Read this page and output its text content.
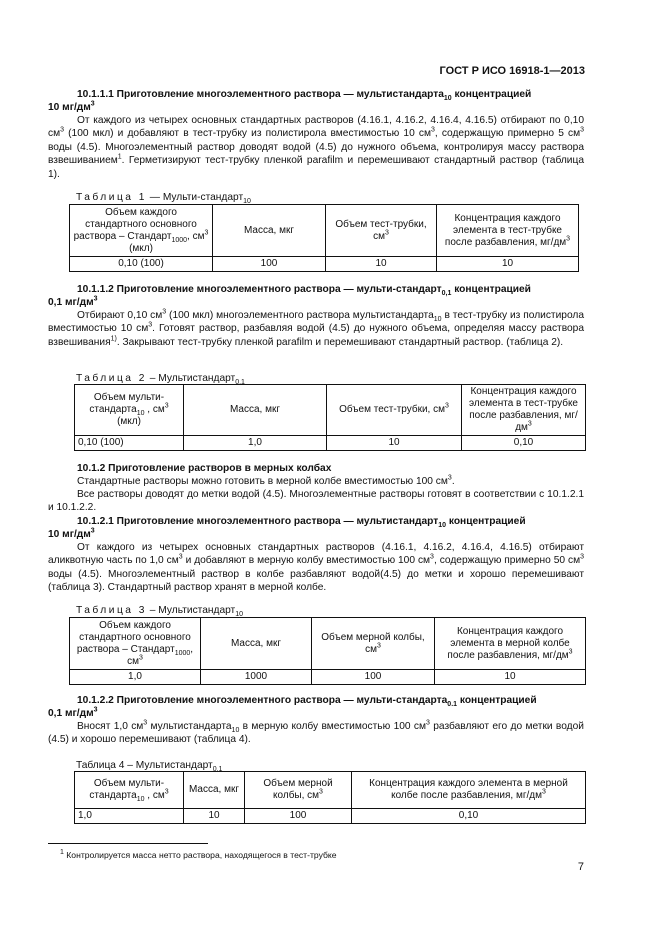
ГОСТ Р ИСО 16918-1—2013
10.1.1.1 Приготовление многоэлементного раствора — мультистандарта$_{10}$ концентрацией
10 $мг/дм^3$
От каждого из четырех основных стандартных растворов (4.16.1, 4.16.2, 4.16.4, 4.16.5) отбирают по 0,10 $см^3$ (100 мкл) и добавляют в тест-трубку из полистирола вместимостью 10 $см^3$, содержащую примерно 5 $см^3$ воды (4.5). Многоэлементный раствор доводят водой (4.5) до нужного объема, контролируя массу раствора взвешиванием$^1$. Герметизируют тест-трубку пленкой parafilm и перемешивают стандартный раствор (таблица 1).
Таблица 1 — Мульти-стандарт$_{10}$
Объем каждого стандартного основного раствора – Стандарт$_{1000}$, $см^3$ (мкл)	Масса, мкг	Объем тест-трубки, $см^3$	Концентрация каждого элемента в тест-трубке после разбавления, $мг/дм^3$
0,10 (100)	100	10	10
10.1.1.2 Приготовление многоэлементного раствора — мульти-стандарт$_{0,1}$ концентрацией
0,1 $мг/дм^3$
Отбирают 0,10 $см^3$ (100 мкл) многоэлементного раствора мультистандарта$_{10}$ в тест-трубку из полистирола вместимостью 10 $см^3$. Готовят раствор, разбавляя водой (4.5) до нужного объема, определяя массу раствора взвешивания$^{1)}$. Закрывают тест-трубку пленкой parafilm и перемешивают стандартный раствор. (таблица 2).
Таблица 2 – Мультистандарт$_{0,1}$
Объем мульти-стандарта$_{10}$ , $см^3$ (мкл)	Масса, мкг	Объем тест-трубки, $см^3$	Концентрация каждого элемента в тест-трубке после разбавления, $мг/дм^3$
0,10 (100)	1,0	10	0,10
10.1.2 Приготовление растворов в мерных колбах
Стандартные растворы можно готовить в мерной колбе вместимостью 100 $см^3$.
Все растворы доводят до метки водой (4.5). Многоэлементные растворы готовят в соответствии с 10.1.2.1 и 10.1.2.2.
10.1.2.1 Приготовление многоэлементного раствора — мультистандарт$_{10}$ концентрацией
10 $мг/дм^3$
От каждого из четырех основных стандартных растворов (4.16.1, 4.16.2, 4.16.4, 4.16.5) отбирают аликвотную часть по 1,0 $см^3$ и добавляют в мерную колбу вместимостью 100 $см^3$, содержащую примерно 50 $см^3$ воды (4.5). Многоэлементный раствор в колбе разбавляют водой(4.5) до метки и хорошо перемешивают (таблица 3). Стандартный раствор хранят в мерной колбе.
Таблица 3 – Мультистандарт$_{10}$
Объем каждого стандартного основного раствора – Стандарт$_{1000}$, $см^3$	Масса, мкг	Объем мерной колбы, $см^3$	Концентрация каждого элемента в мерной колбе после разбавления, $мг/дм^3$
1,0	1000	100	10
10.1.2.2 Приготовление многоэлементного раствора — мульти-стандарта$_{0.1}$ концентрацией
0,1 $мг/дм^3$
Вносят 1,0 $см^3$ мультистандарта$_{10}$ в мерную колбу вместимостью 100 $см^3$ разбавляют его до метки водой (4.5) и хорошо перемешивают (таблица 4).
Таблица 4 – Мультистандарт$_{0,1}$
Объем мульти-стандарта$_{10}$ , $см^3$	Масса, мкг	Объем мерной колбы, $см^3$	Концентрация каждого элемента в мерной колбе после разбавления, $мг/дм^3$
1,0	10	100	0,10
$^1$ Контролируется масса нетто раствора, находящегося в тест-трубке
7
